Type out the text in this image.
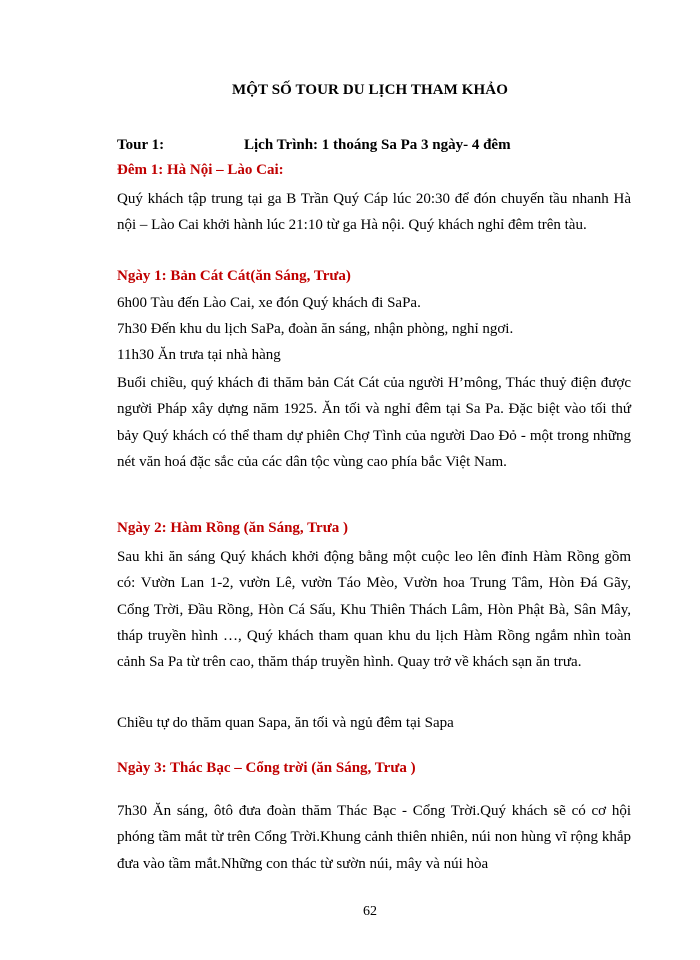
MỘT SỐ TOUR DU LỊCH THAM KHẢO
Tour 1:	Lịch Trình: 1 thoáng Sa Pa 3 ngày- 4 đêm
Đêm 1: Hà Nội – Lào Cai:
Quý khách tập trung tại ga B Trần Quý Cáp lúc 20:30 để đón chuyến tầu nhanh Hà nội – Lào Cai khởi hành lúc 21:10 từ ga Hà nội. Quý khách nghỉ đêm trên tàu.
Ngày 1: Bản Cát Cát(ăn Sáng, Trưa)
6h00 Tàu đến Lào Cai, xe đón Quý khách đi SaPa.
7h30 Đến khu du lịch SaPa, đoàn ăn sáng, nhận phòng, nghỉ ngơi.
11h30 Ăn trưa tại nhà hàng
Buổi chiều, quý khách đi thăm bản Cát Cát của người H’mông, Thác thuỷ điện được người Pháp xây dựng năm 1925. Ăn tối và nghỉ đêm tại Sa Pa. Đặc biệt vào tối thứ bảy Quý khách có thể tham dự phiên Chợ Tình của người Dao Đỏ - một trong những nét văn hoá đặc sắc của các dân tộc vùng cao phía bắc Việt Nam.
Ngày 2: Hàm Rồng (ăn Sáng, Trưa )
Sau khi ăn sáng Quý khách khởi động bằng một cuộc leo lên đỉnh Hàm Rồng gồm có: Vườn Lan 1-2, vườn Lê, vườn Táo Mèo, Vườn hoa Trung Tâm, Hòn Đá Gãy, Cổng Trời, Đầu Rồng, Hòn Cá Sấu, Khu Thiên Thách Lâm, Hòn Phật Bà, Sân Mây, tháp truyền hình …, Quý khách tham quan khu du lịch Hàm Rồng ngắm nhìn toàn cảnh Sa Pa từ trên cao, thăm tháp truyền hình. Quay trở về khách sạn ăn trưa.
Chiều tự do thăm quan Sapa, ăn tối và ngủ đêm tại Sapa
Ngày 3: Thác Bạc – Cổng trời (ăn Sáng, Trưa )
7h30 Ăn sáng, ôtô đưa đoàn thăm Thác Bạc - Cổng Trời.Quý khách sẽ có cơ hội phóng tầm mắt từ trên Cổng Trời.Khung cảnh thiên nhiên, núi non hùng vĩ rộng khắp đưa vào tầm mắt.Những con thác từ sườn núi, mây và núi hòa
62
